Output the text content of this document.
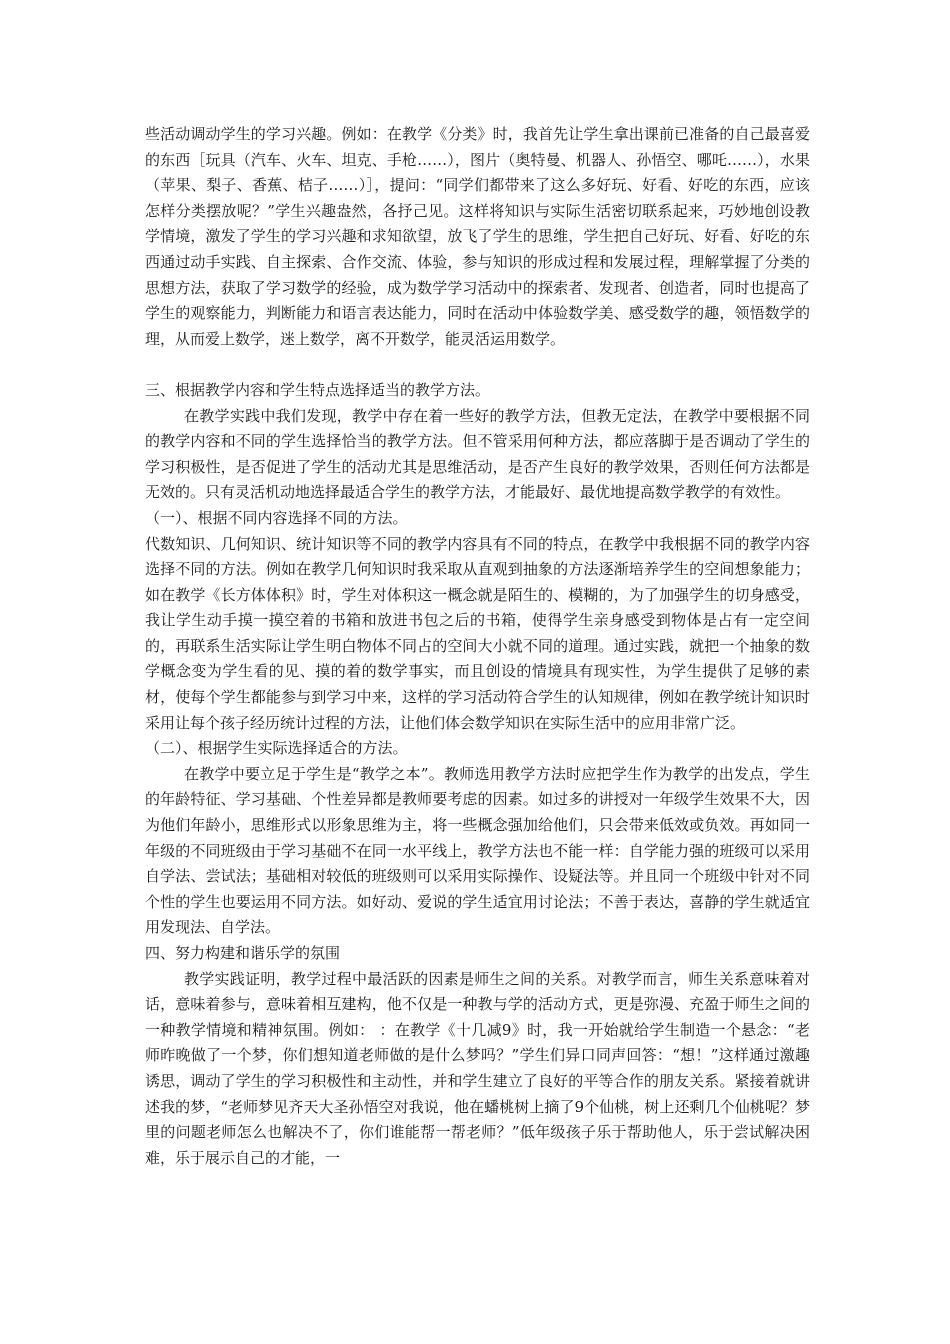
些活动调动学生的学习兴趣。例如：在教学《分类》时，我首先让学生拿出课前已准备的自己最喜爱的东西［玩具（汽车、火车、坦克、手枪……），图片（奥特曼、机器人、孙悟空、哪吒……），水果（苹果、梨子、香蕉、桔子……）］，提问：“同学们都带来了这么多好玩、好看、好吃的东西，应该怎样分类摆放呢？”学生兴趣盎然，各抒己见。这样将知识与实际生活密切联系起来，巧妙地创设教学情境，激发了学生的学习兴趣和求知欲望，放飞了学生的思维，学生把自己好玩、好看、好吃的东西通过动手实践、自主探索、合作交流、体验，参与知识的形成过程和发展过程，理解掌握了分类的思想方法，获取了学习数学的经验，成为数学学习活动中的探索者、发现者、创造者，同时也提高了学生的观察能力，判断能力和语言表达能力，同时在活动中体验数学美、感受数学的趣，领悟数学的理，从而爱上数学，迷上数学，离不开数学，能灵活运用数学。

三、根据教学内容和学生特点选择适当的教学方法。

在教学实践中我们发现，教学中存在着一些好的教学方法，但教无定法，在教学中要根据不同的教学内容和不同的学生选择恰当的教学方法。但不管采用何种方法，都应落脚于是否调动了学生的学习积极性，是否促进了学生的活动尤其是思维活动，是否产生良好的教学效果，否则任何方法都是无效的。只有灵活机动地选择最适合学生的教学方法，才能最好、最优地提高数学教学的有效性。

（一）、根据不同内容选择不同的方法。

代数知识、几何知识、统计知识等不同的教学内容具有不同的特点，在教学中我根据不同的教学内容选择不同的方法。例如在教学几何知识时我采取从直观到抽象的方法逐渐培养学生的空间想象能力；如在教学《长方体体积》时，学生对体积这一概念就是陌生的、模糊的，为了加强学生的切身感受，我让学生动手摸一摸空着的书箱和放进书包之后的书箱，使得学生亲身感受到物体是占有一定空间的，再联系生活实际让学生明白物体不同占的空间大小就不同的道理。通过实践，就把一个抽象的数学概念变为学生看的见、摸的着的数学事实，而且创设的情境具有现实性，为学生提供了足够的素材，使每个学生都能参与到学习中来，这样的学习活动符合学生的认知规律，例如在教学统计知识时采用让每个孩子经历统计过程的方法，让他们体会数学知识在实际生活中的应用非常广泛。

（二）、根据学生实际选择适合的方法。

在教学中要立足于学生是“教学之本”。教师选用教学方法时应把学生作为教学的出发点，学生的年龄特征、学习基础、个性差异都是教师要考虑的因素。如过多的讲授对一年级学生效果不大，因为他们年龄小，思维形式以形象思维为主，将一些概念强加给他们，只会带来低效或负效。再如同一年级的不同班级由于学习基础不在同一水平线上，教学方法也不能一样：自学能力强的班级可以采用自学法、尝试法；基础相对较低的班级则可以采用实际操作、设疑法等。并且同一个班级中针对不同个性的学生也要运用不同方法。如好动、爱说的学生适宜用讨论法；不善于表达，喜静的学生就适宜用发现法、自学法。

四、努力构建和谐乐学的氛围

教学实践证明，教学过程中最活跃的因素是师生之间的关系。对教学而言，师生关系意味着对话，意味着参与，意味着相互建构，他不仅是一种教与学的活动方式，更是弥漫、充盈于师生之间的一种教学情境和精神氛围。例如： ：在教学《十几减9》时，我一开始就给学生制造一个悬念：“老师昨晚做了一个梦，你们想知道老师做的是什么梦吗？”学生们异口同声回答：“想！”这样通过激趣诱思，调动了学生的学习积极性和主动性，并和学生建立了良好的平等合作的朋友关系。紧接着就讲述我的梦，“老师梦见齐天大圣孙悟空对我说，他在蟠桃树上摘了9个仙桃，树上还剩几个仙桃呢？梦里的问题老师怎么也解决不了，你们谁能帮一帮老师？”低年级孩子乐于帮助他人，乐于尝试解决困难，乐于展示自己的才能，一
